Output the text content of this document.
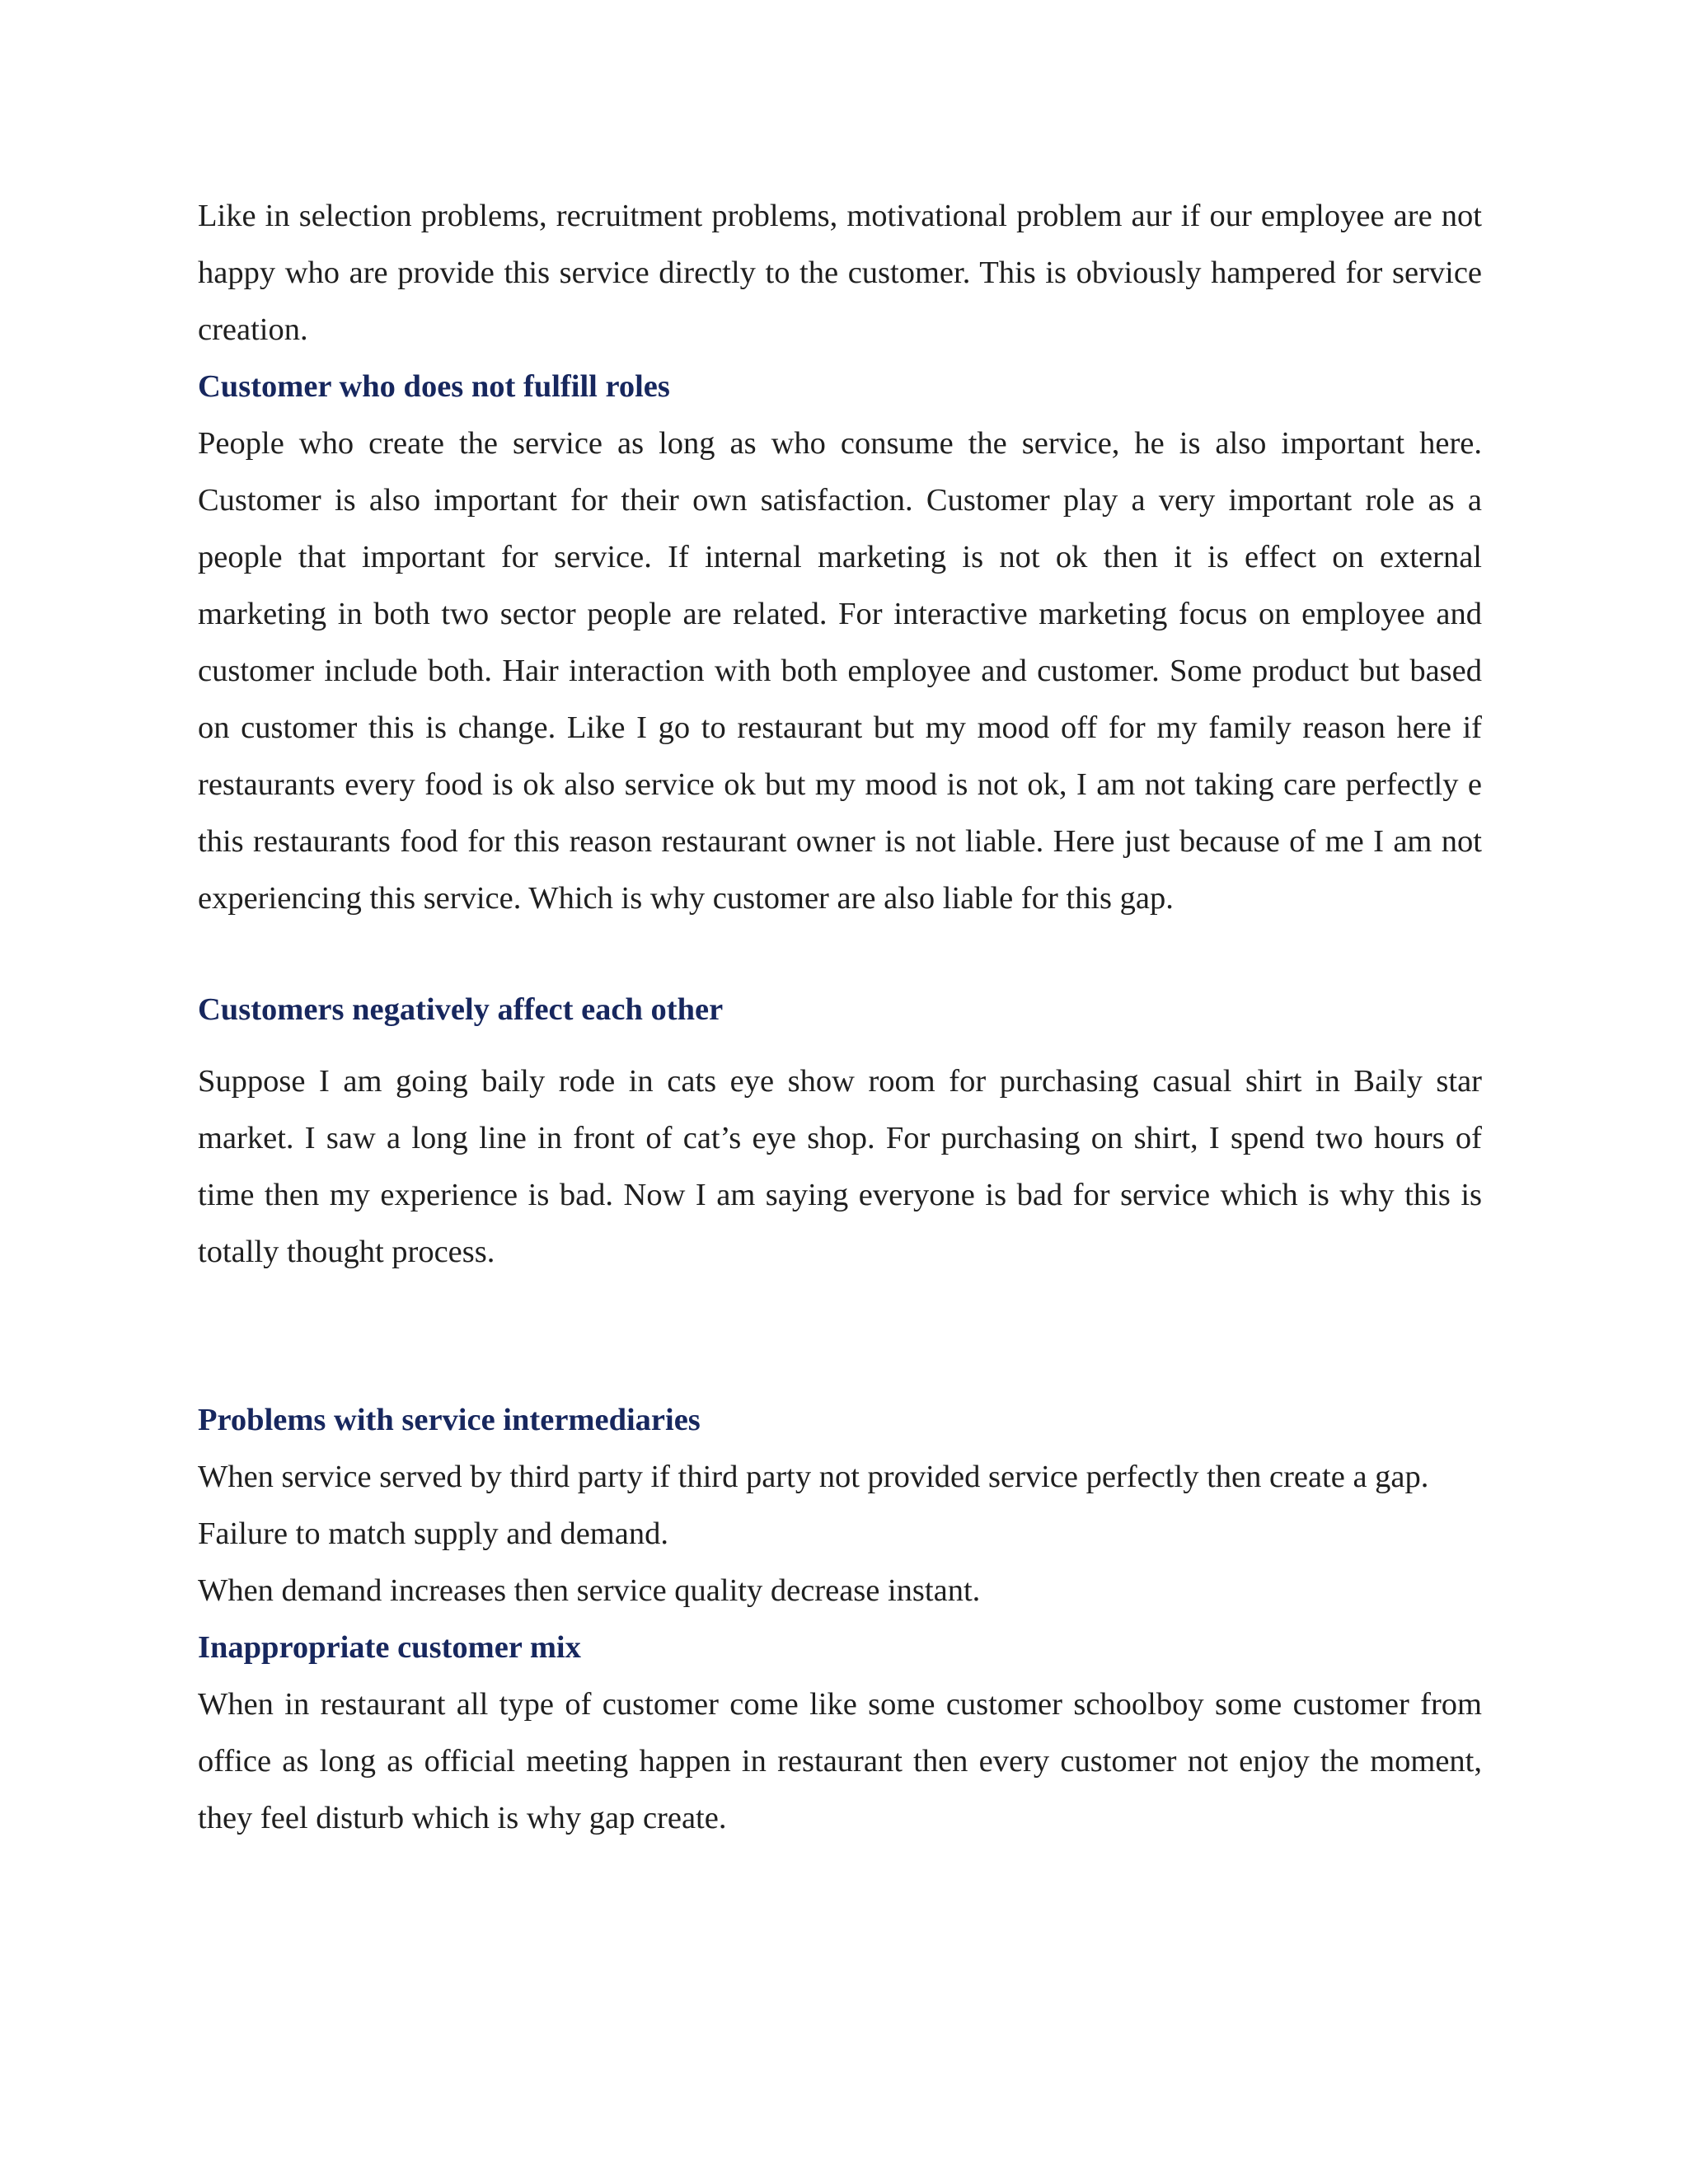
Like in selection problems, recruitment problems, motivational problem aur if our employee are not happy who are provide this service directly to the customer. This is obviously hampered for service creation.

Customer who does not fulfill roles

People who create the service as long as who consume the service, he is also important here. Customer is also important for their own satisfaction. Customer play a very important role as a people that important for service. If internal marketing is not ok then it is effect on external marketing in both two sector people are related. For interactive marketing focus on employee and customer include both. Hair interaction with both employee and customer. Some product but based on customer this is change. Like I go to restaurant but my mood off for my family reason here if restaurants every food is ok also service ok but my mood is not ok, I am not taking care perfectly e this restaurants food for this reason restaurant owner is not liable. Here just because of me I am not experiencing this service. Which is why customer are also liable for this gap.

Customers negatively affect each other

Suppose I am going baily rode in cats eye show room for purchasing casual shirt in Baily star market. I saw a long line in front of cat’s eye shop. For purchasing on shirt, I spend two hours of time then my experience is bad. Now I am saying everyone is bad for service which is why this is totally thought process.

Problems with service intermediaries

When service served by third party if third party not provided service perfectly then create a gap.

Failure to match supply and demand.

When demand increases then service quality decrease instant.

Inappropriate customer mix

When in restaurant all type of customer come like some customer schoolboy some customer from office as long as official meeting happen in restaurant then every customer not enjoy the moment, they feel disturb which is why gap create.
